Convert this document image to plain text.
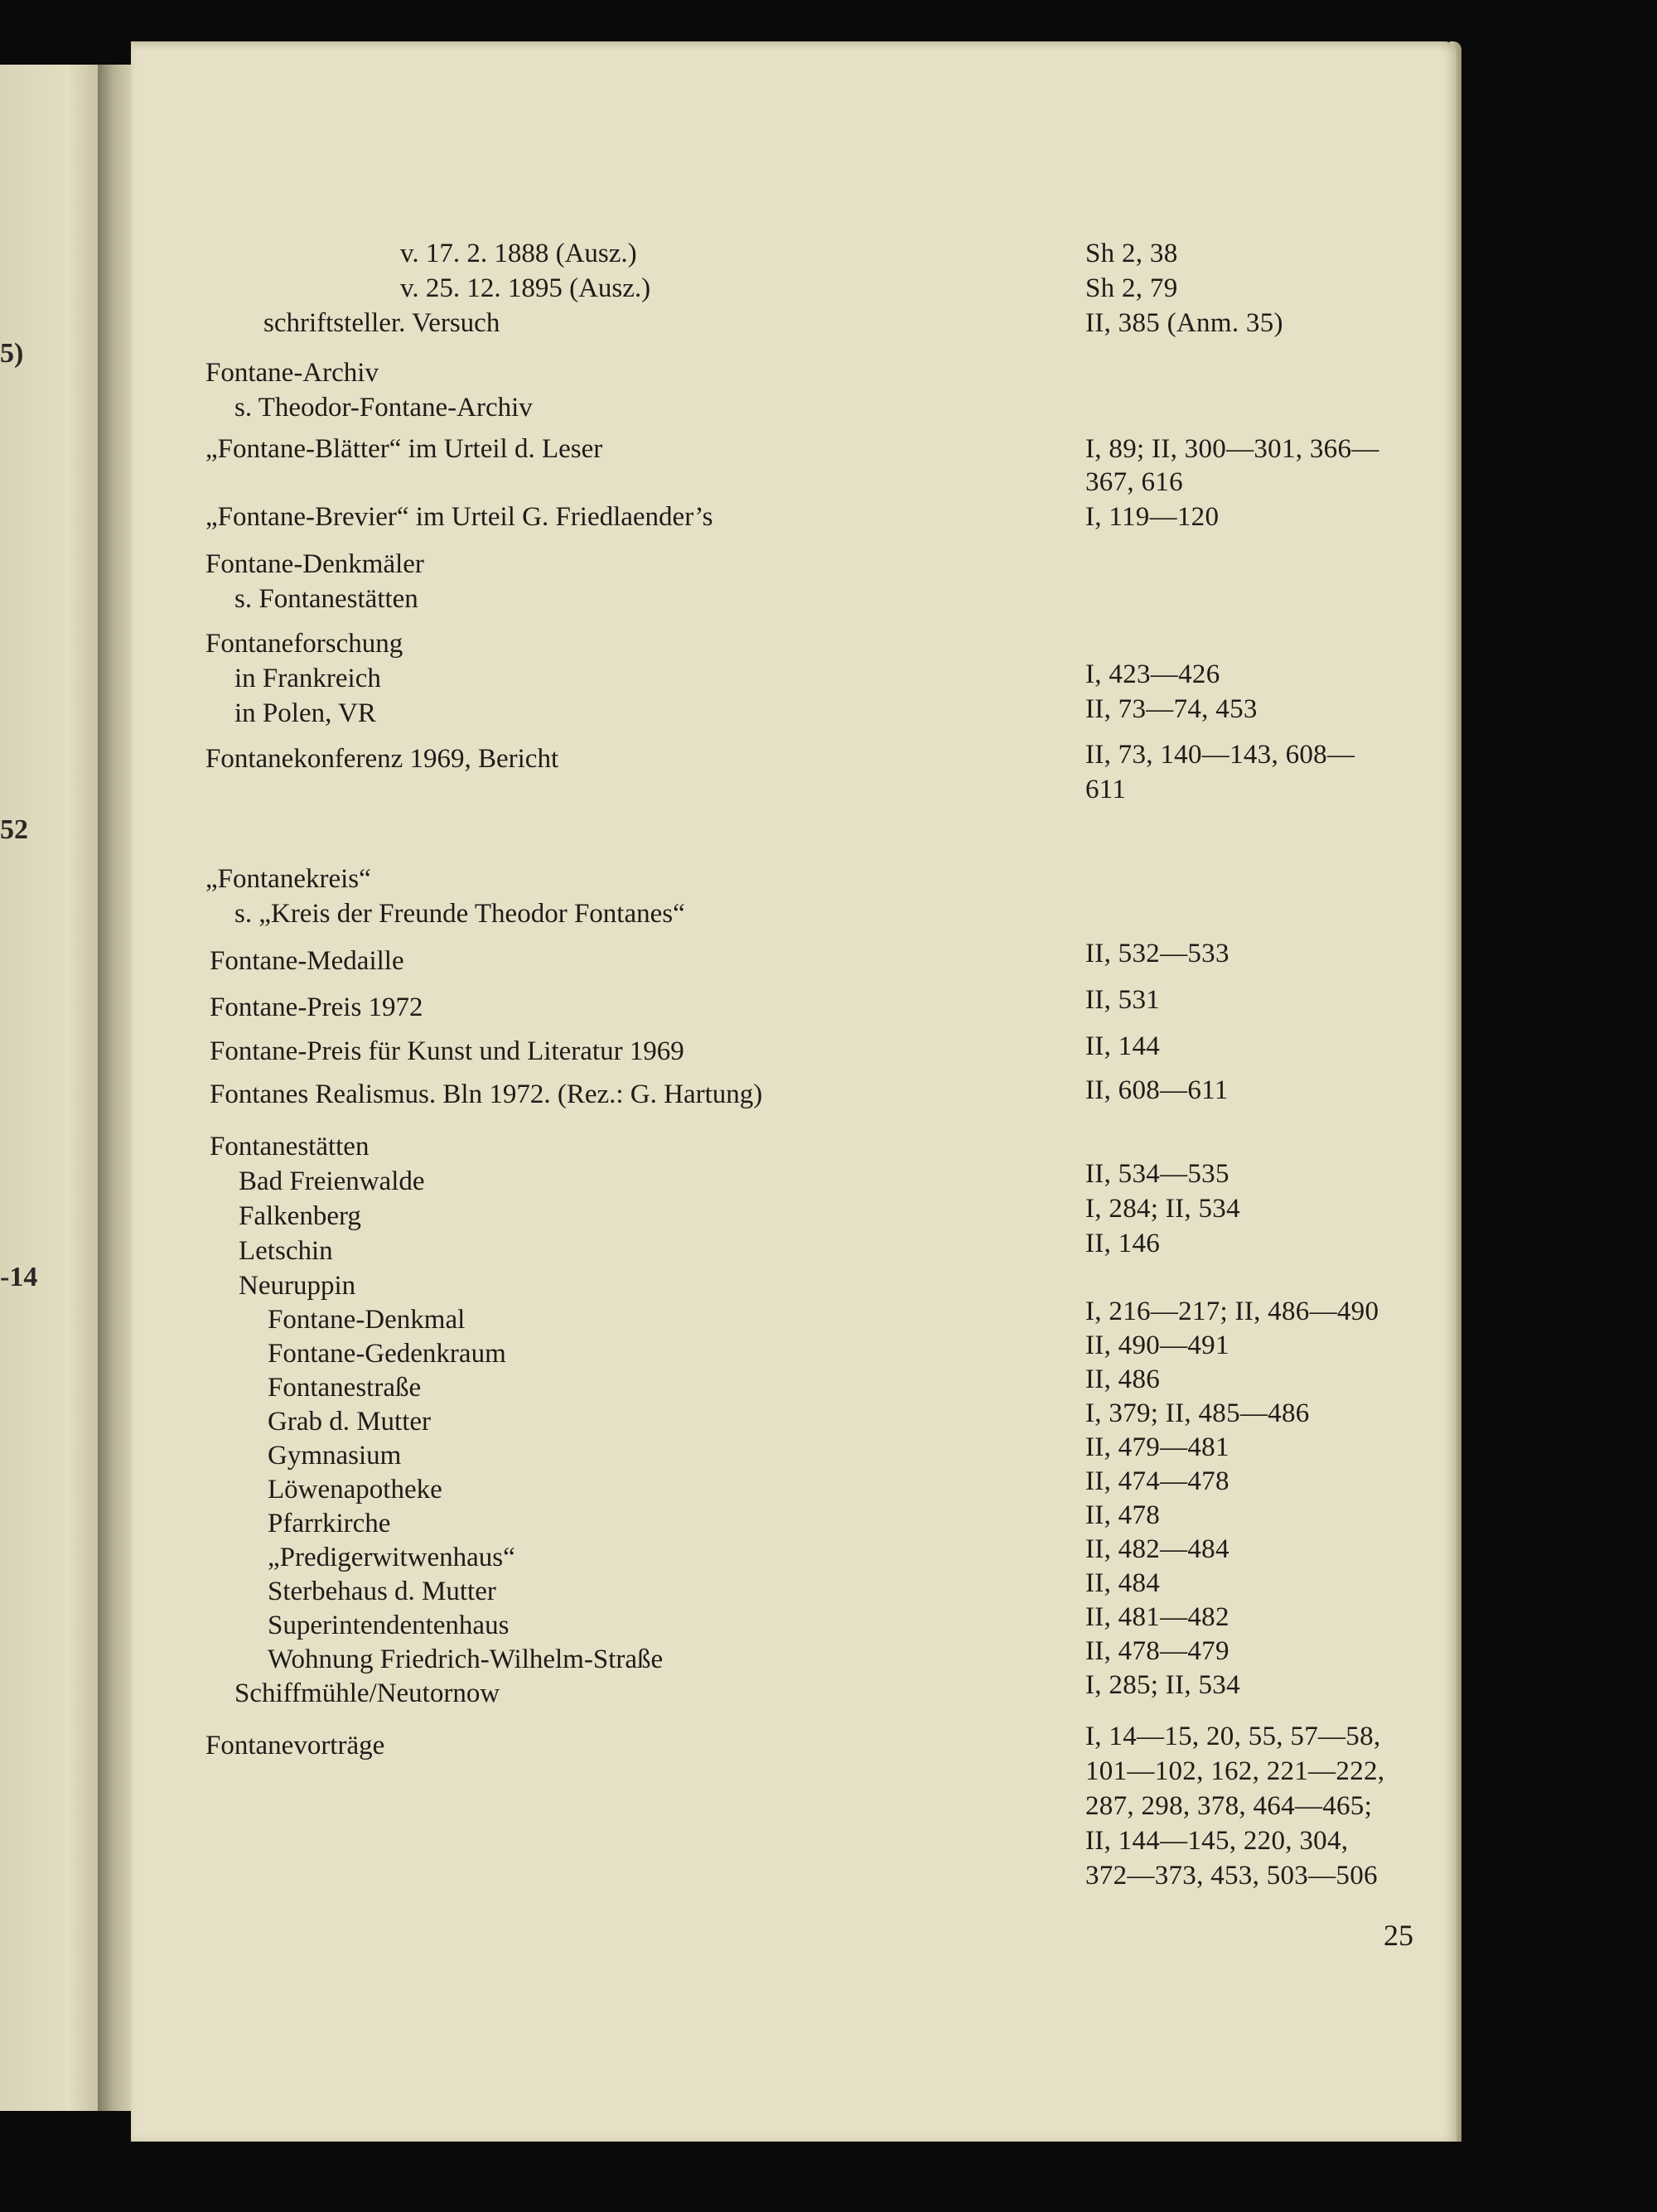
5)
52
-14
v. 17. 2. 1888 (Ausz.)	Sh 2, 38
v. 25. 12. 1895 (Ausz.)	Sh 2, 79
schriftsteller. Versuch	II, 385 (Anm. 35)
Fontane-Archiv
s. Theodor-Fontane-Archiv
„Fontane-Blätter“ im Urteil d. Leser	I, 89; II, 300—301, 366—
367, 616
„Fontane-Brevier“ im Urteil G. Friedlaender’s	I, 119—120
Fontane-Denkmäler
s. Fontanestätten
Fontaneforschung
in Frankreich	I, 423—426
in Polen, VR	II, 73—74, 453
Fontanekonferenz 1969, Bericht	II, 73, 140—143, 608—
611
„Fontanekreis“
s. „Kreis der Freunde Theodor Fontanes“
Fontane-Medaille	II, 532—533
Fontane-Preis 1972	II, 531
Fontane-Preis für Kunst und Literatur 1969	II, 144
Fontanes Realismus. Bln 1972. (Rez.: G. Hartung)	II, 608—611
Fontanestätten
Bad Freienwalde	II, 534—535
Falkenberg	I, 284; II, 534
Letschin	II, 146
Neuruppin
Fontane-Denkmal	I, 216—217; II, 486—490
Fontane-Gedenkraum	II, 490—491
Fontanestraße	II, 486
Grab d. Mutter	I, 379; II, 485—486
Gymnasium	II, 479—481
Löwenapotheke	II, 474—478
Pfarrkirche	II, 478
„Predigerwitwenhaus“	II, 482—484
Sterbehaus d. Mutter	II, 484
Superintendentenhaus	II, 481—482
Wohnung Friedrich-Wilhelm-Straße	II, 478—479
Schiffmühle/Neutornow	I, 285; II, 534
Fontanevorträge	I, 14—15, 20, 55, 57—58,
101—102, 162, 221—222,
287, 298, 378, 464—465;
II, 144—145, 220, 304,
372—373, 453, 503—506
25
